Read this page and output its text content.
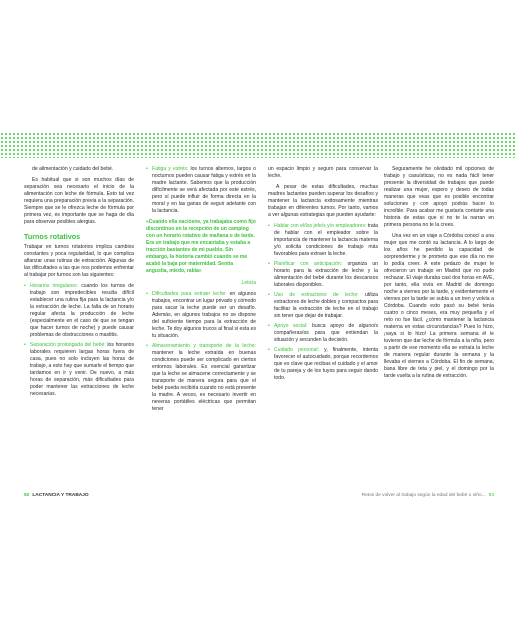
de alimentación y cuidado del bebé.

Es habitual que si son muchos días de separación sea necesario el inicio de la alimentación con leche de fórmula. Esto tal vez requiera una preparación previa a la separación. Siempre que se le ofrezca leche de fórmula por primera vez, es importante que se haga de día para observar posibles alergias.

Turnos rotativos

Trabajar en turnos rotatorios implica cambios constantes y poca regularidad, lo que complica afianzar unas rutinas de extracción. Algunas de las dificultades a las que nos podemos enfrentar al trabajar por turnos son las siguientes:

• Horarios irregulares: cuando los turnos de trabajo son impredecibles resulta difícil establecer una rutina fija para la lactancia y/o la extracción de leche. La falta de un horario regular afecta la producción de leche (especialmente en el caso de que se tengan que hacer turnos de noche) y puede causar problemas de obstrucciones o mastitis.
• Separación prolongada del bebé: los horarios laborales requieren largas horas fuera de casa, pues no solo incluyen las horas de trabajo, a esto hay que sumarle el tiempo que tardamos en ir y venir. De nuevo, a más horas de separación, más dificultades para poder mantener las extracciones de leche necesarias.
• Fatiga y estrés: los turnos alternos, largos o nocturnos pueden causar fatiga y estrés en la madre lactante. Sabemos que la producción difícilmente se verá afectada por este estrés, pero sí puede influir de forma directa en la moral y en las ganas de seguir adelante con la lactancia.
«Cuando ella nacióene, ya trabajaba como fijo discontinuo en la recepción de un camping con un horario rotativo de mañana o de tarde. Era un trabajo que me encantaba y estaba a tracción bastantes de mi pueblo. Sin embargo, la historia cambió cuando se me acabó la baja por maternidad. Sentía angustia, miedo, rabia»

Leticia

• Dificultades para extraer leche: en algunos trabajos, encontrar un lugar privado y cómodo para sacar la leche puede ser un desafío. Además, en algunos trabajos no se dispone del suficiente tiempo para la extracción de leche. Te doy algunos trucos al final si esta es tu situación.
• Almacenamiento y transporte de la leche: mantener la leche extraída en buenas condiciones puede ser complicado en ciertos entornos laborales. Es esencial garantizar que la leche se almacene correctamente y se transporte de manera segura para que el bebé pueda recibirla cuando no está presente la madre. A veces, es necesario invertir en neveras portátiles eléctricas que permitan tener

un espacio limpio y seguro para conservar la leche.

A pesar de estas dificultades, muchas madres lactantes pueden superar los desafíos y mantener la lactancia exitosamente mientras trabajan en diferentes turnos. Por tanto, vamos a ver algunas estrategias que pueden ayudarte:

• Hablar con el/los jefe/s y/o empleadores: trata de hablar con el empleador sobre la importancia de mantener la lactancia materna y/o solicita condiciones de trabajo más favorables para extraer la leche.
• Planificar con anticipación: organiza un horario para la extracción de leche y la alimentación del bebé durante los descansos laborales disponibles.
• Uso de extractores de leche: utiliza extractores de leche dobles y compactos para facilitar la extracción de leche en el trabajo sin tener que dejar de trabajar.
• Apoyo social: busca apoyo de alguno/s compañeras/os para que entiendan la situación y secunden la decisión.
• Cuidado personal: y, finalmente, intenta favorecer el autocuidado, porque recordemos que es clave que recibas el cuidado y el amor de tu pareja y de los tuyos para seguir dando todo.

Seguramente he olvidado mil opciones de trabajo y casuísticas, no es nada fácil tener presente la diversidad de trabajos que puede realizar una mujer, espero y deseo de todas maneras que veas que es posible encontrar soluciones y con apoyo podrás hacer lo increíble. Para acabar me gustaría contarte una historia de estas que si no te la narran en primera persona no te la crees.

Una vez en un viaje a Córdoba conocí a una mujer que me contó su lactancia. A lo largo de los años he perdido la capacidad de sorprenderme y te prometo que ese día no me lo podía creer. A este pedazo de mujer le ofrecieron un trabajo en Madrid que no pudo rechazar. El viaje duraba casi dos horas en AVE, por tanto, ella vivía en Madrid de domingo noche a viernes por la tarde, y evidentemente el viernes por la tarde se subía a un tren y volvía a Córdoba. Cuando esto pasó su bebé tenía cuatro o cinco meses, era muy pequeña y el reto no fue fácil, ¿cómo mantener la lactancia materna en estas circunstancias? Pues lo hizo, ¡vaya si lo hizo! La primera semana él le tuvieron que dar leche de fórmula a la niña, pero a partir de ese momento ella se extraía la leche de manera regular durante la semana y la llevaba el viernes a Córdoba. El fin de semana, bana libre de teta y piel, y el domingo por la tarde vuelta a la rutina de extracción.

92 LACTANCIA Y TRABAJO	Retos de volver al trabajo según la edad del bebé o niño... 93
